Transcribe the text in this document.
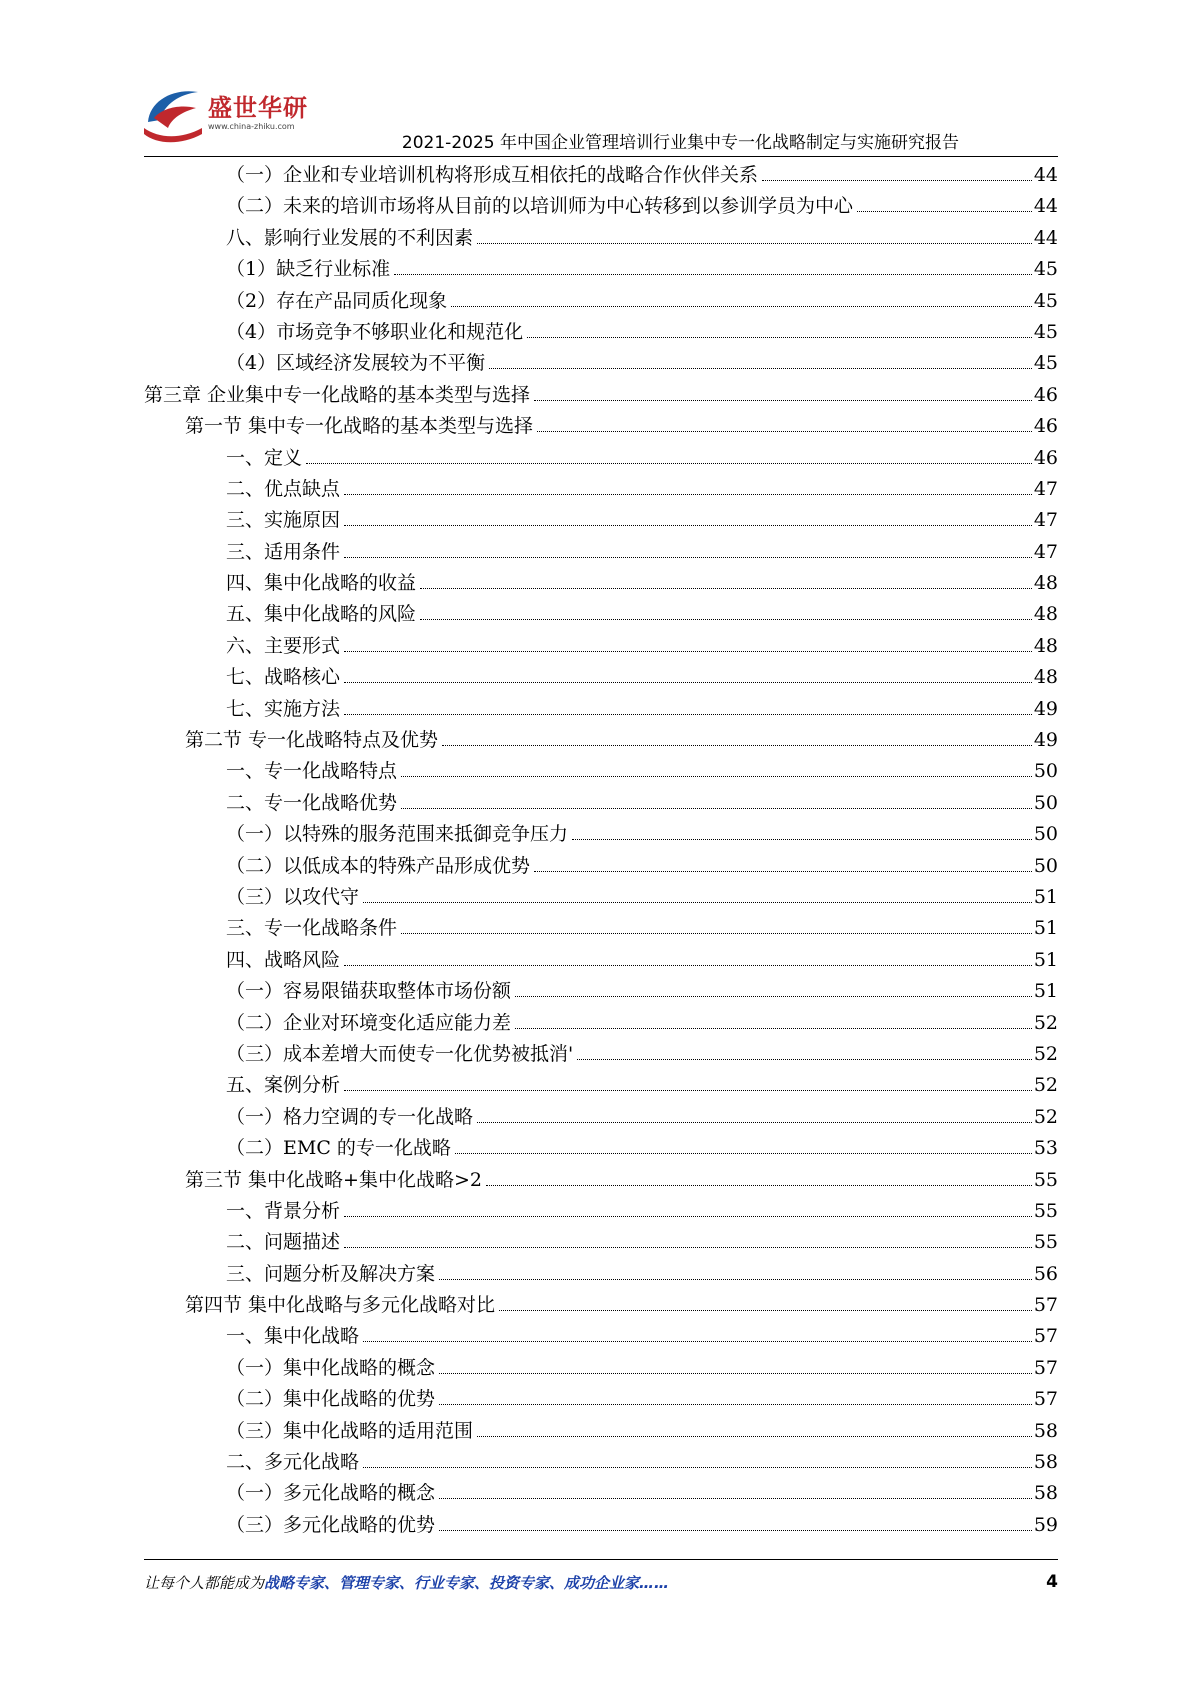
盛世华研
www.china-zhiku.com
2021-2025 年中国企业管理培训行业集中专一化战略制定与实施研究报告
（一）企业和专业培训机构将形成互相依托的战略合作伙伴关系	44
（二）未来的培训市场将从目前的以培训师为中心转移到以参训学员为中心	44
八、影响行业发展的不利因素	44
（1）缺乏行业标准	45
（2）存在产品同质化现象	45
（4）市场竞争不够职业化和规范化	45
（4）区域经济发展较为不平衡	45
第三章 企业集中专一化战略的基本类型与选择	46
第一节 集中专一化战略的基本类型与选择	46
一、定义	46
二、优点缺点	47
三、实施原因	47
三、适用条件	47
四、集中化战略的收益	48
五、集中化战略的风险	48
六、主要形式	48
七、战略核心	48
七、实施方法	49
第二节 专一化战略特点及优势	49
一、专一化战略特点	50
二、专一化战略优势	50
（一）以特殊的服务范围来抵御竞争压力	50
（二）以低成本的特殊产品形成优势	50
（三）以攻代守	51
三、专一化战略条件	51
四、战略风险	51
（一）容易限锚获取整体市场份额	51
（二）企业对环境变化适应能力差	52
（三）成本差增大而使专一化优势被抵消'	52
五、案例分析	52
（一）格力空调的专一化战略	52
（二）EMC 的专一化战略	53
第三节 集中化战略+集中化战略>2	55
一、背景分析	55
二、问题描述	55
三、问题分析及解决方案	56
第四节 集中化战略与多元化战略对比	57
一、集中化战略	57
（一）集中化战略的概念	57
（二）集中化战略的优势	57
（三）集中化战略的适用范围	58
二、多元化战略	58
（一）多元化战略的概念	58
（三）多元化战略的优势	59
让每个人都能成为战略专家、管理专家、行业专家、投资专家、成功企业家……	4
